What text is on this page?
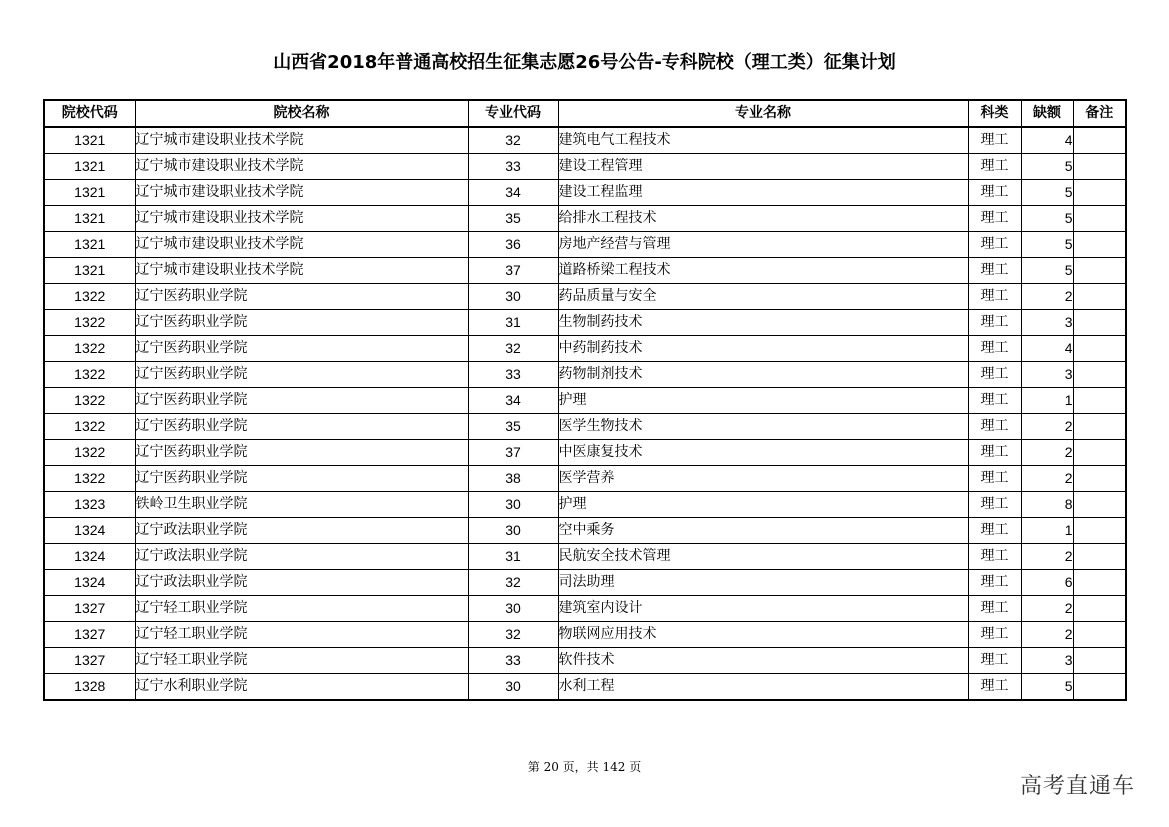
山西省2018年普通高校招生征集志愿26号公告-专科院校（理工类）征集计划
院校代码	院校名称	专业代码	专业名称	科类	缺额	备注
1321	辽宁城市建设职业技术学院	32	建筑电气工程技术	理工	4	
1321	辽宁城市建设职业技术学院	33	建设工程管理	理工	5	
1321	辽宁城市建设职业技术学院	34	建设工程监理	理工	5	
1321	辽宁城市建设职业技术学院	35	给排水工程技术	理工	5	
1321	辽宁城市建设职业技术学院	36	房地产经营与管理	理工	5	
1321	辽宁城市建设职业技术学院	37	道路桥梁工程技术	理工	5	
1322	辽宁医药职业学院	30	药品质量与安全	理工	2	
1322	辽宁医药职业学院	31	生物制药技术	理工	3	
1322	辽宁医药职业学院	32	中药制药技术	理工	4	
1322	辽宁医药职业学院	33	药物制剂技术	理工	3	
1322	辽宁医药职业学院	34	护理	理工	1	
1322	辽宁医药职业学院	35	医学生物技术	理工	2	
1322	辽宁医药职业学院	37	中医康复技术	理工	2	
1322	辽宁医药职业学院	38	医学营养	理工	2	
1323	铁岭卫生职业学院	30	护理	理工	8	
1324	辽宁政法职业学院	30	空中乘务	理工	1	
1324	辽宁政法职业学院	31	民航安全技术管理	理工	2	
1324	辽宁政法职业学院	32	司法助理	理工	6	
1327	辽宁轻工职业学院	30	建筑室内设计	理工	2	
1327	辽宁轻工职业学院	32	物联网应用技术	理工	2	
1327	辽宁轻工职业学院	33	软件技术	理工	3	
1328	辽宁水利职业学院	30	水利工程	理工	5	
第 20 页，共 142 页
高考直通车
